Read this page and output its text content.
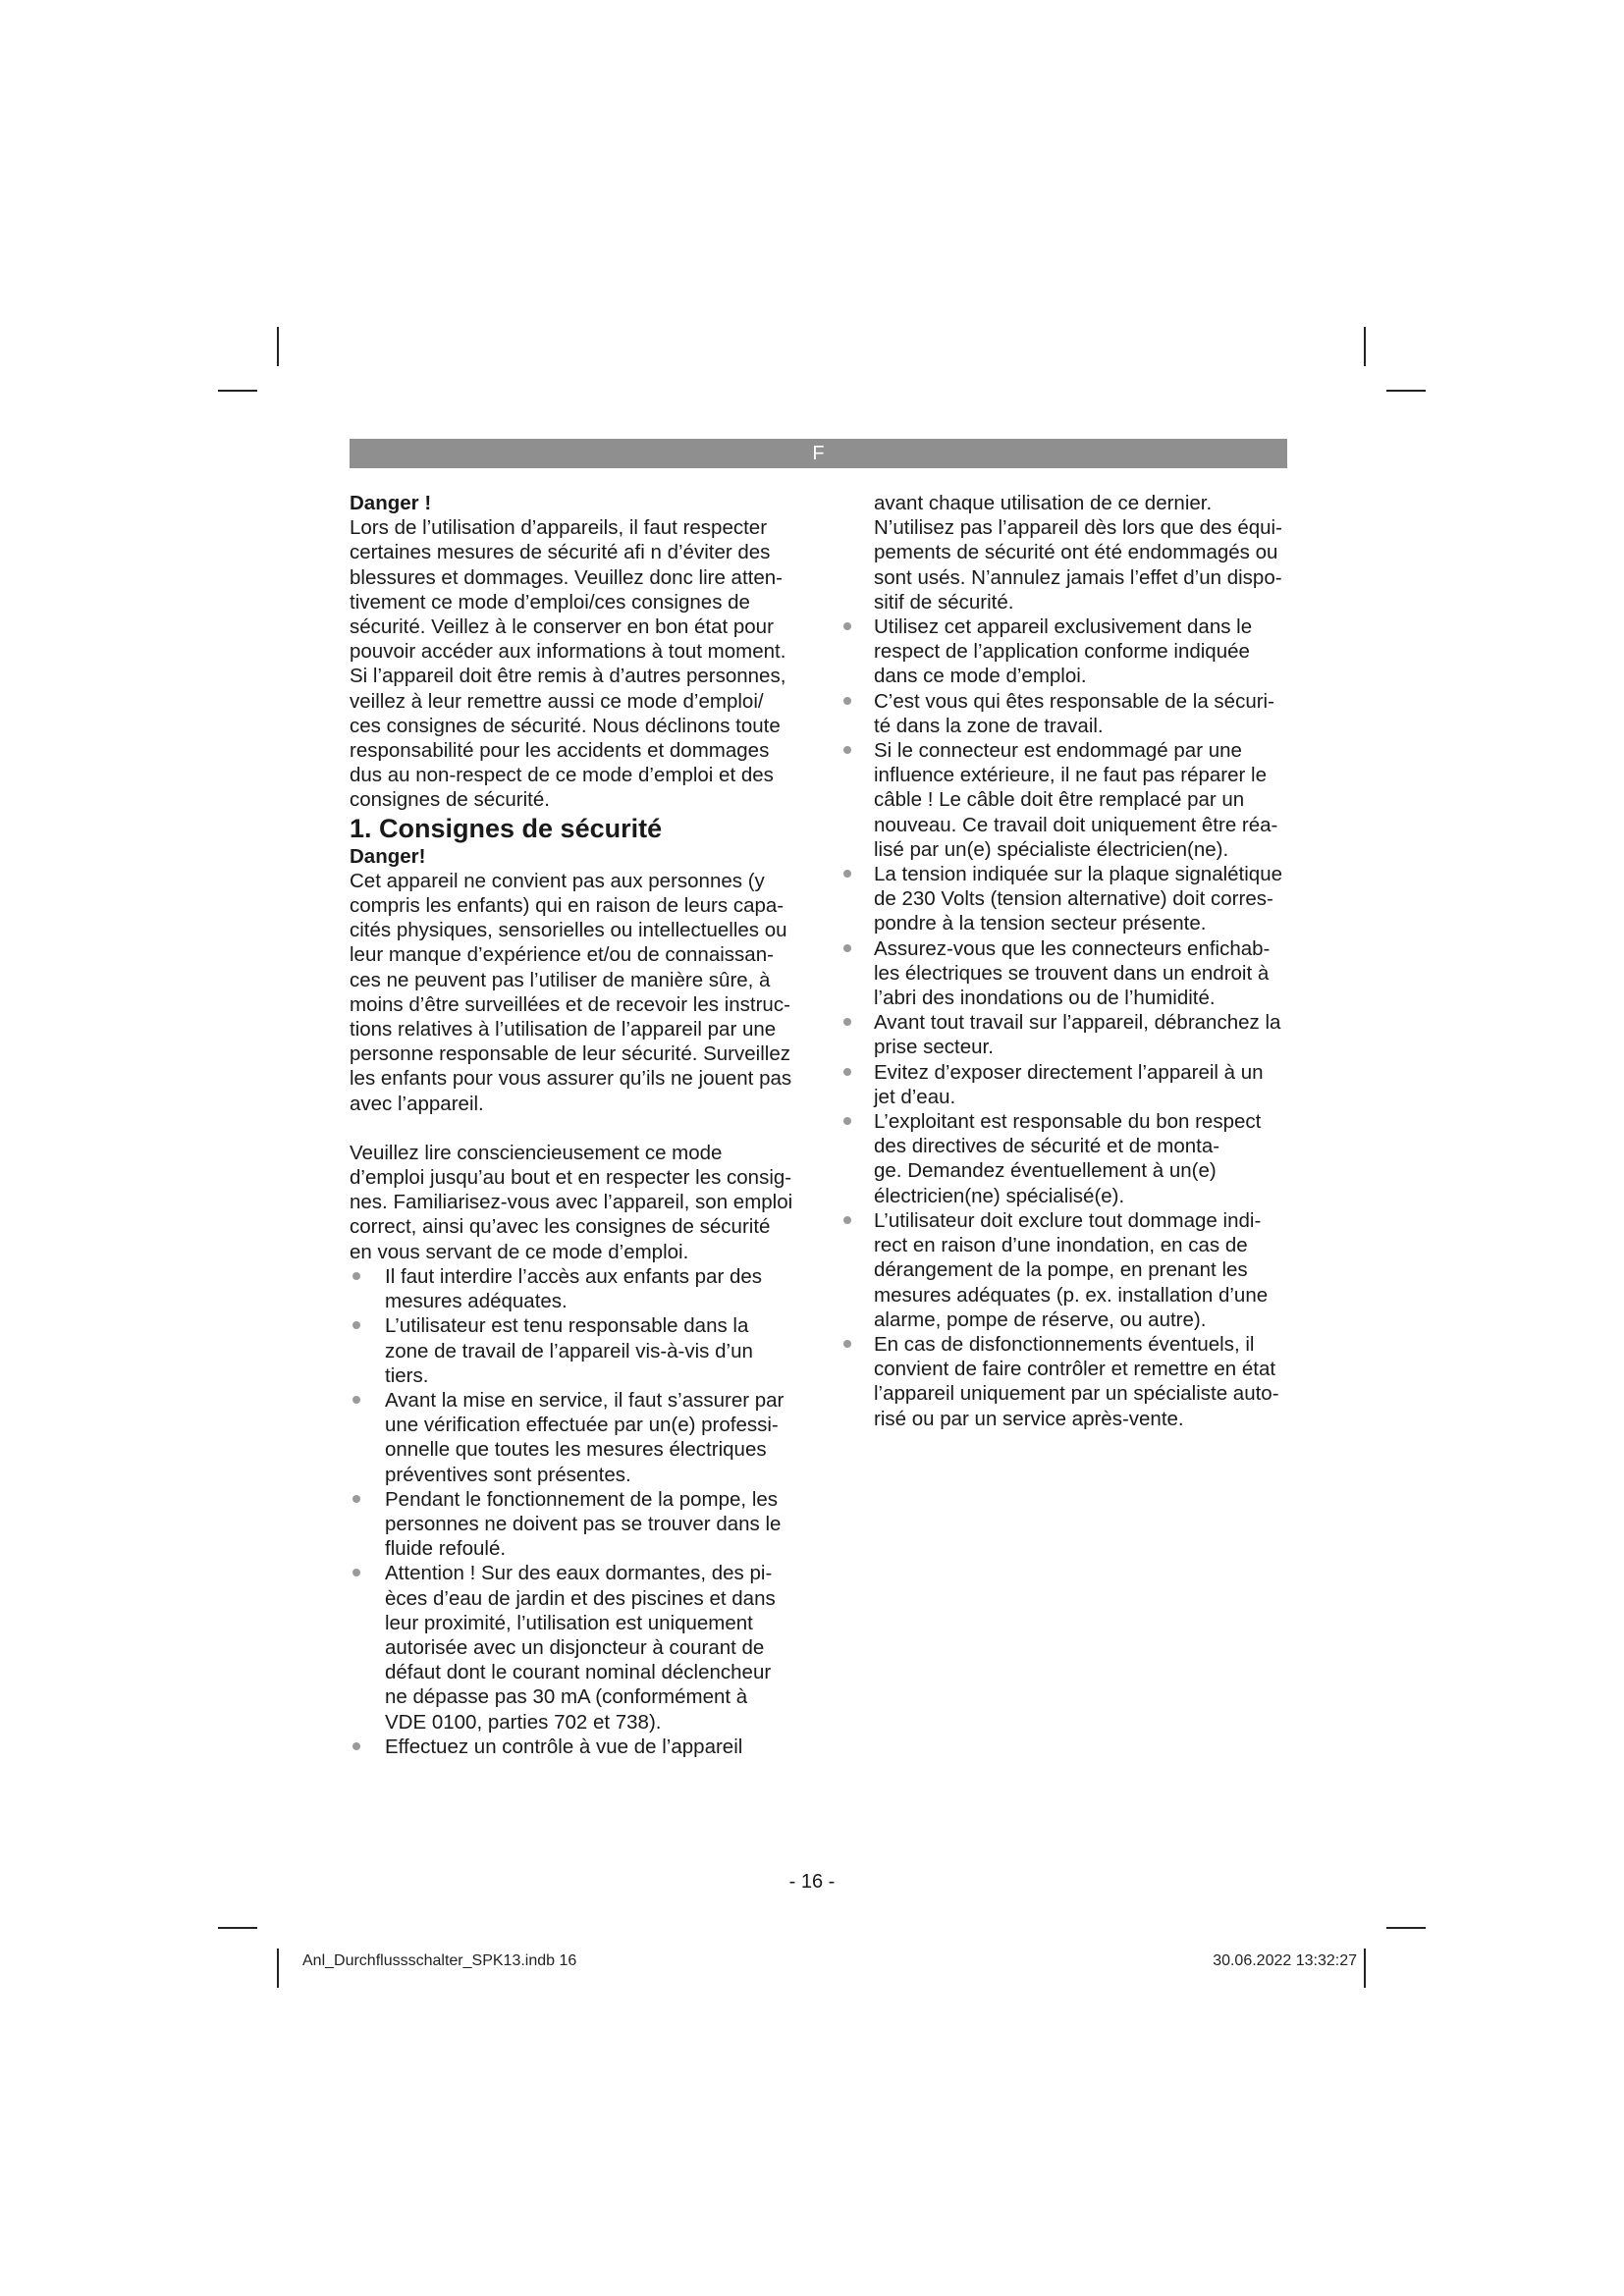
F

Danger !

Lors de l’utilisation d’appareils, il faut respecter
certaines mesures de sécurité afi n d’éviter des
blessures et dommages. Veuillez donc lire atten-
tivement ce mode d’emploi/ces consignes de
sécurité. Veillez à le conserver en bon état pour
pouvoir accéder aux informations à tout moment.
Si l’appareil doit être remis à d’autres personnes,
veillez à leur remettre aussi ce mode d’emploi/
ces consignes de sécurité. Nous déclinons toute
responsabilité pour les accidents et dommages
dus au non-respect de ce mode d’emploi et des
consignes de sécurité.

1. Consignes de sécurité

Danger!

Cet appareil ne convient pas aux personnes (y
compris les enfants) qui en raison de leurs capa-
cités physiques, sensorielles ou intellectuelles ou
leur manque d’expérience et/ou de connaissan-
ces ne peuvent pas l’utiliser de manière sûre, à
moins d’être surveillées et de recevoir les instruc-
tions relatives à l’utilisation de l’appareil par une
personne responsable de leur sécurité. Surveillez
les enfants pour vous assurer qu’ils ne jouent pas
avec l’appareil.

Veuillez lire consciencieusement ce mode
d’emploi jusqu’au bout et en respecter les consig-
nes. Familiarisez-vous avec l’appareil, son emploi
correct, ainsi qu’avec les consignes de sécurité
en vous servant de ce mode d’emploi.

Il faut interdire l’accès aux enfants par des
mesures adéquates.
L’utilisateur est tenu responsable dans la
zone de travail de l’appareil vis-à-vis d’un
tiers.
Avant la mise en service, il faut s’assurer par
une vérification effectuée par un(e) professi-
onnelle que toutes les mesures électriques
préventives sont présentes.
Pendant le fonctionnement de la pompe, les
personnes ne doivent pas se trouver dans le
fluide refoulé.
Attention ! Sur des eaux dormantes, des pi-
èces d’eau de jardin et des piscines et dans
leur proximité, l’utilisation est uniquement
autorisée avec un disjoncteur à courant de
défaut dont le courant nominal déclencheur
ne dépasse pas 30 mA (conformément à
VDE 0100, parties 702 et 738).
Effectuez un contrôle à vue de l’appareil

avant chaque utilisation de ce dernier.
N’utilisez pas l’appareil dès lors que des équi-
pements de sécurité ont été endommagés ou
sont usés. N’annulez jamais l’effet d’un dispo-
sitif de sécurité.

Utilisez cet appareil exclusivement dans le
respect de l’application conforme indiquée
dans ce mode d’emploi.
C’est vous qui êtes responsable de la sécuri-
té dans la zone de travail.
Si le connecteur est endommagé par une
influence extérieure, il ne faut pas réparer le
câble ! Le câble doit être remplacé par un
nouveau. Ce travail doit uniquement être réa-
lisé par un(e) spécialiste électricien(ne).
La tension indiquée sur la plaque signalétique
de 230 Volts (tension alternative) doit corres-
pondre à la tension secteur présente.
Assurez-vous que les connecteurs enfichab-
les électriques se trouvent dans un endroit à
l’abri des inondations ou de l’humidité.
Avant tout travail sur l’appareil, débranchez la
prise secteur.
Evitez d’exposer directement l’appareil à un
jet d’eau.
L’exploitant est responsable du bon respect
des directives de sécurité et de monta-
ge. Demandez éventuellement à un(e)
électricien(ne) spécialisé(e).
L’utilisateur doit exclure tout dommage indi-
rect en raison d’une inondation, en cas de
dérangement de la pompe, en prenant les
mesures adéquates (p. ex. installation d’une
alarme, pompe de réserve, ou autre).
En cas de disfonctionnements éventuels, il
convient de faire contrôler et remettre en état
l’appareil uniquement par un spécialiste auto-
risé ou par un service après-vente.
- 16 -
Anl_Durchflussschalter_SPK13.indb 16	30.06.2022 13:32:27
